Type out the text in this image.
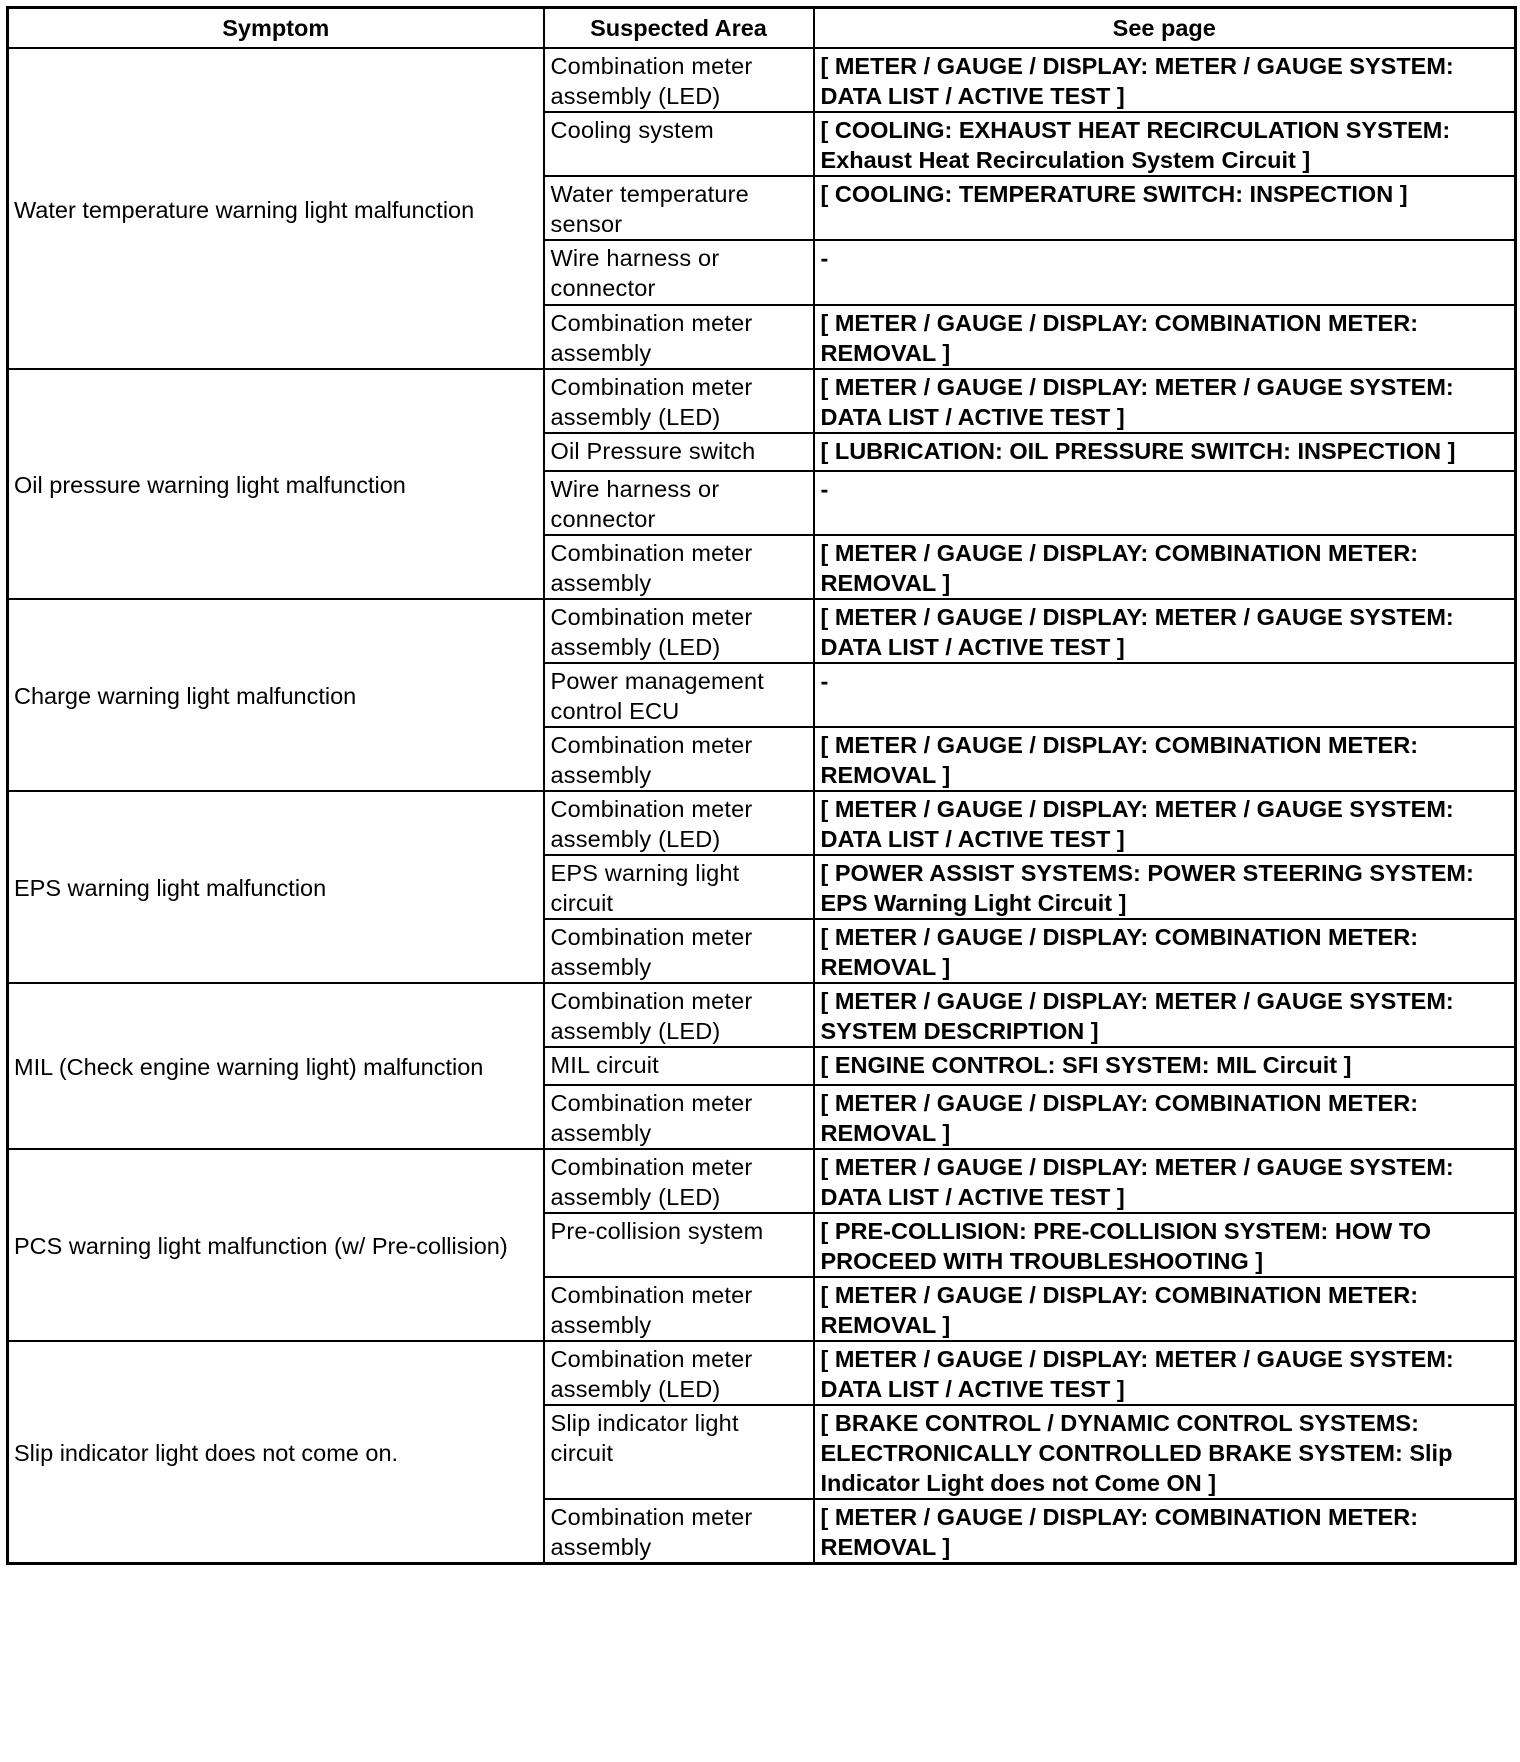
Symptom	Suspected Area	See page
Water temperature warning light malfunction	Combination meter assembly (LED)	[ METER / GAUGE / DISPLAY: METER / GAUGE SYSTEM: DATA LIST / ACTIVE TEST ]
	Cooling system	[ COOLING: EXHAUST HEAT RECIRCULATION SYSTEM: Exhaust Heat Recirculation System Circuit ]
	Water temperature sensor	[ COOLING: TEMPERATURE SWITCH: INSPECTION ]
	Wire harness or connector	-
	Combination meter assembly	[ METER / GAUGE / DISPLAY: COMBINATION METER: REMOVAL ]
Oil pressure warning light malfunction	Combination meter assembly (LED)	[ METER / GAUGE / DISPLAY: METER / GAUGE SYSTEM: DATA LIST / ACTIVE TEST ]
	Oil Pressure switch	[ LUBRICATION: OIL PRESSURE SWITCH: INSPECTION ]
	Wire harness or connector	-
	Combination meter assembly	[ METER / GAUGE / DISPLAY: COMBINATION METER: REMOVAL ]
Charge warning light malfunction	Combination meter assembly (LED)	[ METER / GAUGE / DISPLAY: METER / GAUGE SYSTEM: DATA LIST / ACTIVE TEST ]
	Power management control ECU	-
	Combination meter assembly	[ METER / GAUGE / DISPLAY: COMBINATION METER: REMOVAL ]
EPS warning light malfunction	Combination meter assembly (LED)	[ METER / GAUGE / DISPLAY: METER / GAUGE SYSTEM: DATA LIST / ACTIVE TEST ]
	EPS warning light circuit	[ POWER ASSIST SYSTEMS: POWER STEERING SYSTEM: EPS Warning Light Circuit ]
	Combination meter assembly	[ METER / GAUGE / DISPLAY: COMBINATION METER: REMOVAL ]
MIL (Check engine warning light) malfunction	Combination meter assembly (LED)	[ METER / GAUGE / DISPLAY: METER / GAUGE SYSTEM: SYSTEM DESCRIPTION ]
	MIL circuit	[ ENGINE CONTROL: SFI SYSTEM: MIL Circuit ]
	Combination meter assembly	[ METER / GAUGE / DISPLAY: COMBINATION METER: REMOVAL ]
PCS warning light malfunction (w/ Pre-collision)	Combination meter assembly (LED)	[ METER / GAUGE / DISPLAY: METER / GAUGE SYSTEM: DATA LIST / ACTIVE TEST ]
	Pre-collision system	[ PRE-COLLISION: PRE-COLLISION SYSTEM: HOW TO PROCEED WITH TROUBLESHOOTING ]
	Combination meter assembly	[ METER / GAUGE / DISPLAY: COMBINATION METER: REMOVAL ]
Slip indicator light does not come on.	Combination meter assembly (LED)	[ METER / GAUGE / DISPLAY: METER / GAUGE SYSTEM: DATA LIST / ACTIVE TEST ]
	Slip indicator light circuit	[ BRAKE CONTROL / DYNAMIC CONTROL SYSTEMS: ELECTRONICALLY CONTROLLED BRAKE SYSTEM: Slip Indicator Light does not Come ON ]
	Combination meter assembly	[ METER / GAUGE / DISPLAY: COMBINATION METER: REMOVAL ]
